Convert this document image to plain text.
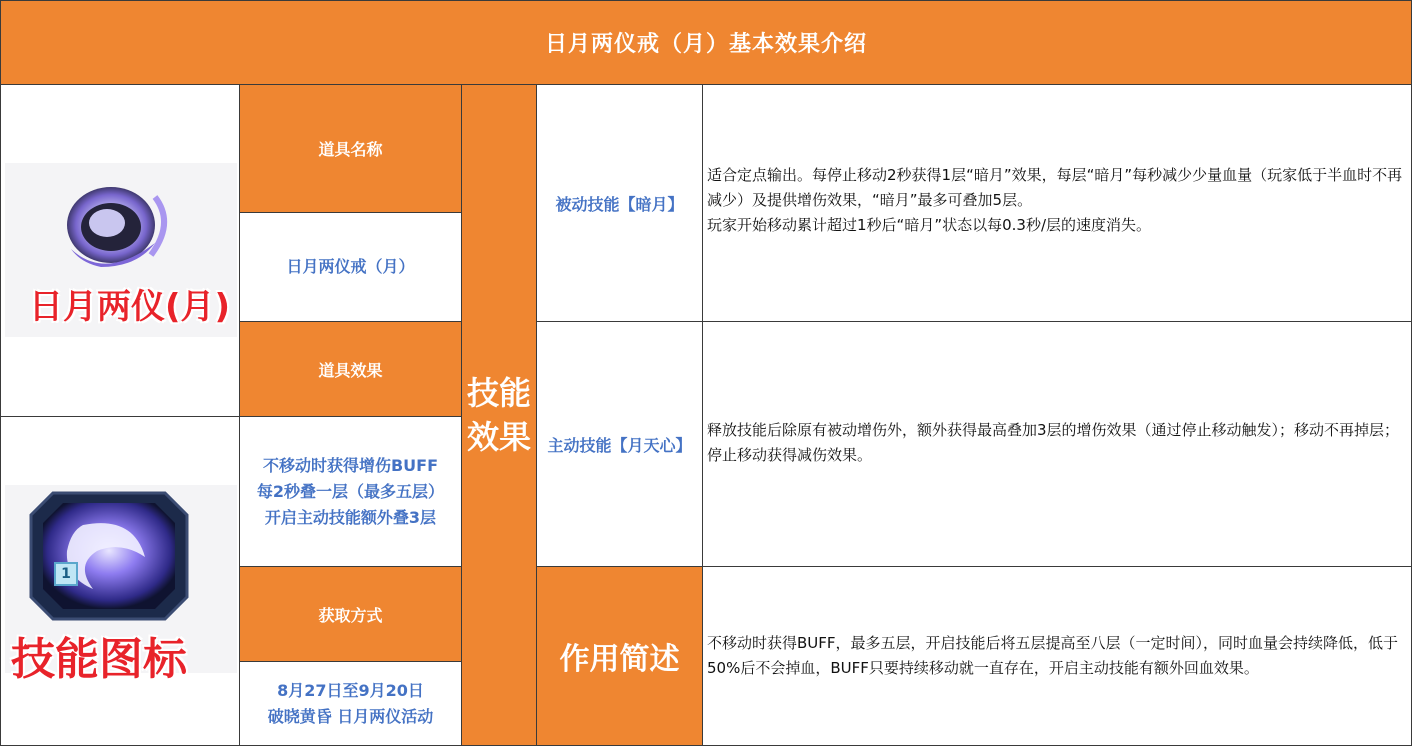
日月两仪戒（月）基本效果介绍
日月两仪(月)
1
技能图标
道具名称
日月两仪戒（月）
道具效果
不移动时获得增伤BUFF
每2秒叠一层（最多五层）
开启主动技能额外叠3层
获取方式
8月27日至9月20日
破晓黄昏 日月两仪活动
技能效果
被动技能【暗月】
适合定点输出。每停止移动2秒获得1层“暗月”效果，每层“暗月”每秒减少少量血量（玩家低于半血时不再减少）及提供增伤效果，“暗月”最多可叠加5层。
玩家开始移动累计超过1秒后“暗月”状态以每0.3秒/层的速度消失。
主动技能【月天心】
释放技能后除原有被动增伤外，额外获得最高叠加3层的增伤效果（通过停止移动触发）；移动不再掉层；停止移动获得减伤效果。
作用简述 不移动时获得BUFF，最多五层，开启技能后将五层提高至八层（一定时间），同时血量会持续降低，低于50%后不会掉血，BUFF只要持续移动就一直存在，开启主动技能有额外回血效果。
